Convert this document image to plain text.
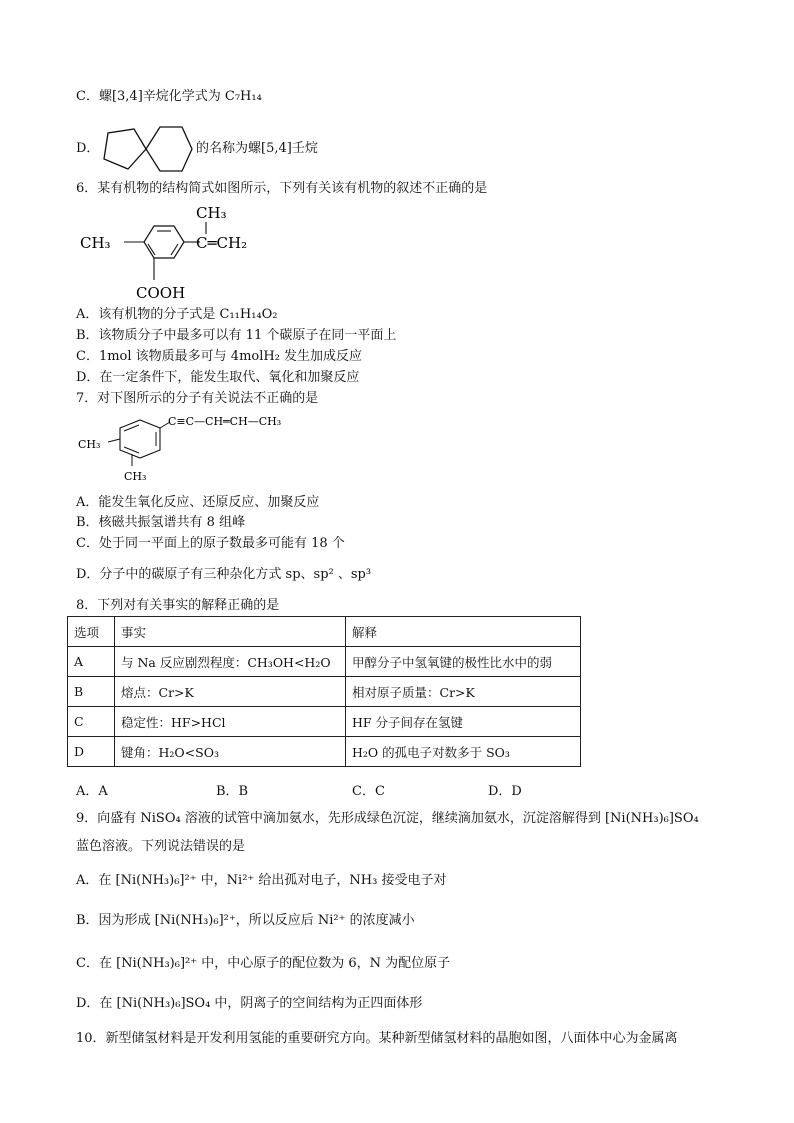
C．螺[3,4]辛烷化学式为 C₇H₁₄
D．	的名称为螺[5,4]壬烷
6．某有机物的结构简式如图所示，下列有关该有机物的叙述不正确的是
CH₃	C═CH₂
CH₃
COOH
A．该有机物的分子式是 C₁₁H₁₄O₂
B．该物质分子中最多可以有 11 个碳原子在同一平面上
C．1mol 该物质最多可与 4molH₂ 发生加成反应
D．在一定条件下，能发生取代、氧化和加聚反应
7．对下图所示的分子有关说法不正确的是
C≡C—CH═CH—CH₃
CH₃
CH₃
A．能发生氧化反应、还原反应、加聚反应
B．核磁共振氢谱共有 8 组峰
C．处于同一平面上的原子数最多可能有 18 个
D．分子中的碳原子有三种杂化方式 sp、sp² 、sp³
8．下列对有关事实的解释正确的是
选项	事实	解释
A	与 Na 反应剧烈程度：CH₃OH<H₂O	甲醇分子中氢氧键的极性比水中的弱
B	熔点：Cr>K	相对原子质量：Cr>K
C	稳定性：HF>HCl	HF 分子间存在氢键
D	键角：H₂O<SO₃	H₂O 的孤电子对数多于 SO₃
A．A	B．B	C．C	D．D
9．向盛有 NiSO₄ 溶液的试管中滴加氨水，先形成绿色沉淀，继续滴加氨水，沉淀溶解得到 [Ni(NH₃)₆]SO₄
蓝色溶液。下列说法错误的是
A．在 [Ni(NH₃)₆]²⁺ 中，Ni²⁺ 给出孤对电子，NH₃ 接受电子对
B．因为形成 [Ni(NH₃)₆]²⁺，所以反应后 Ni²⁺ 的浓度减小
C．在 [Ni(NH₃)₆]²⁺ 中，中心原子的配位数为 6，N 为配位原子
D．在 [Ni(NH₃)₆]SO₄ 中，阴离子的空间结构为正四面体形
10．新型储氢材料是开发利用氢能的重要研究方向。某种新型储氢材料的晶胞如图，八面体中心为金属离
